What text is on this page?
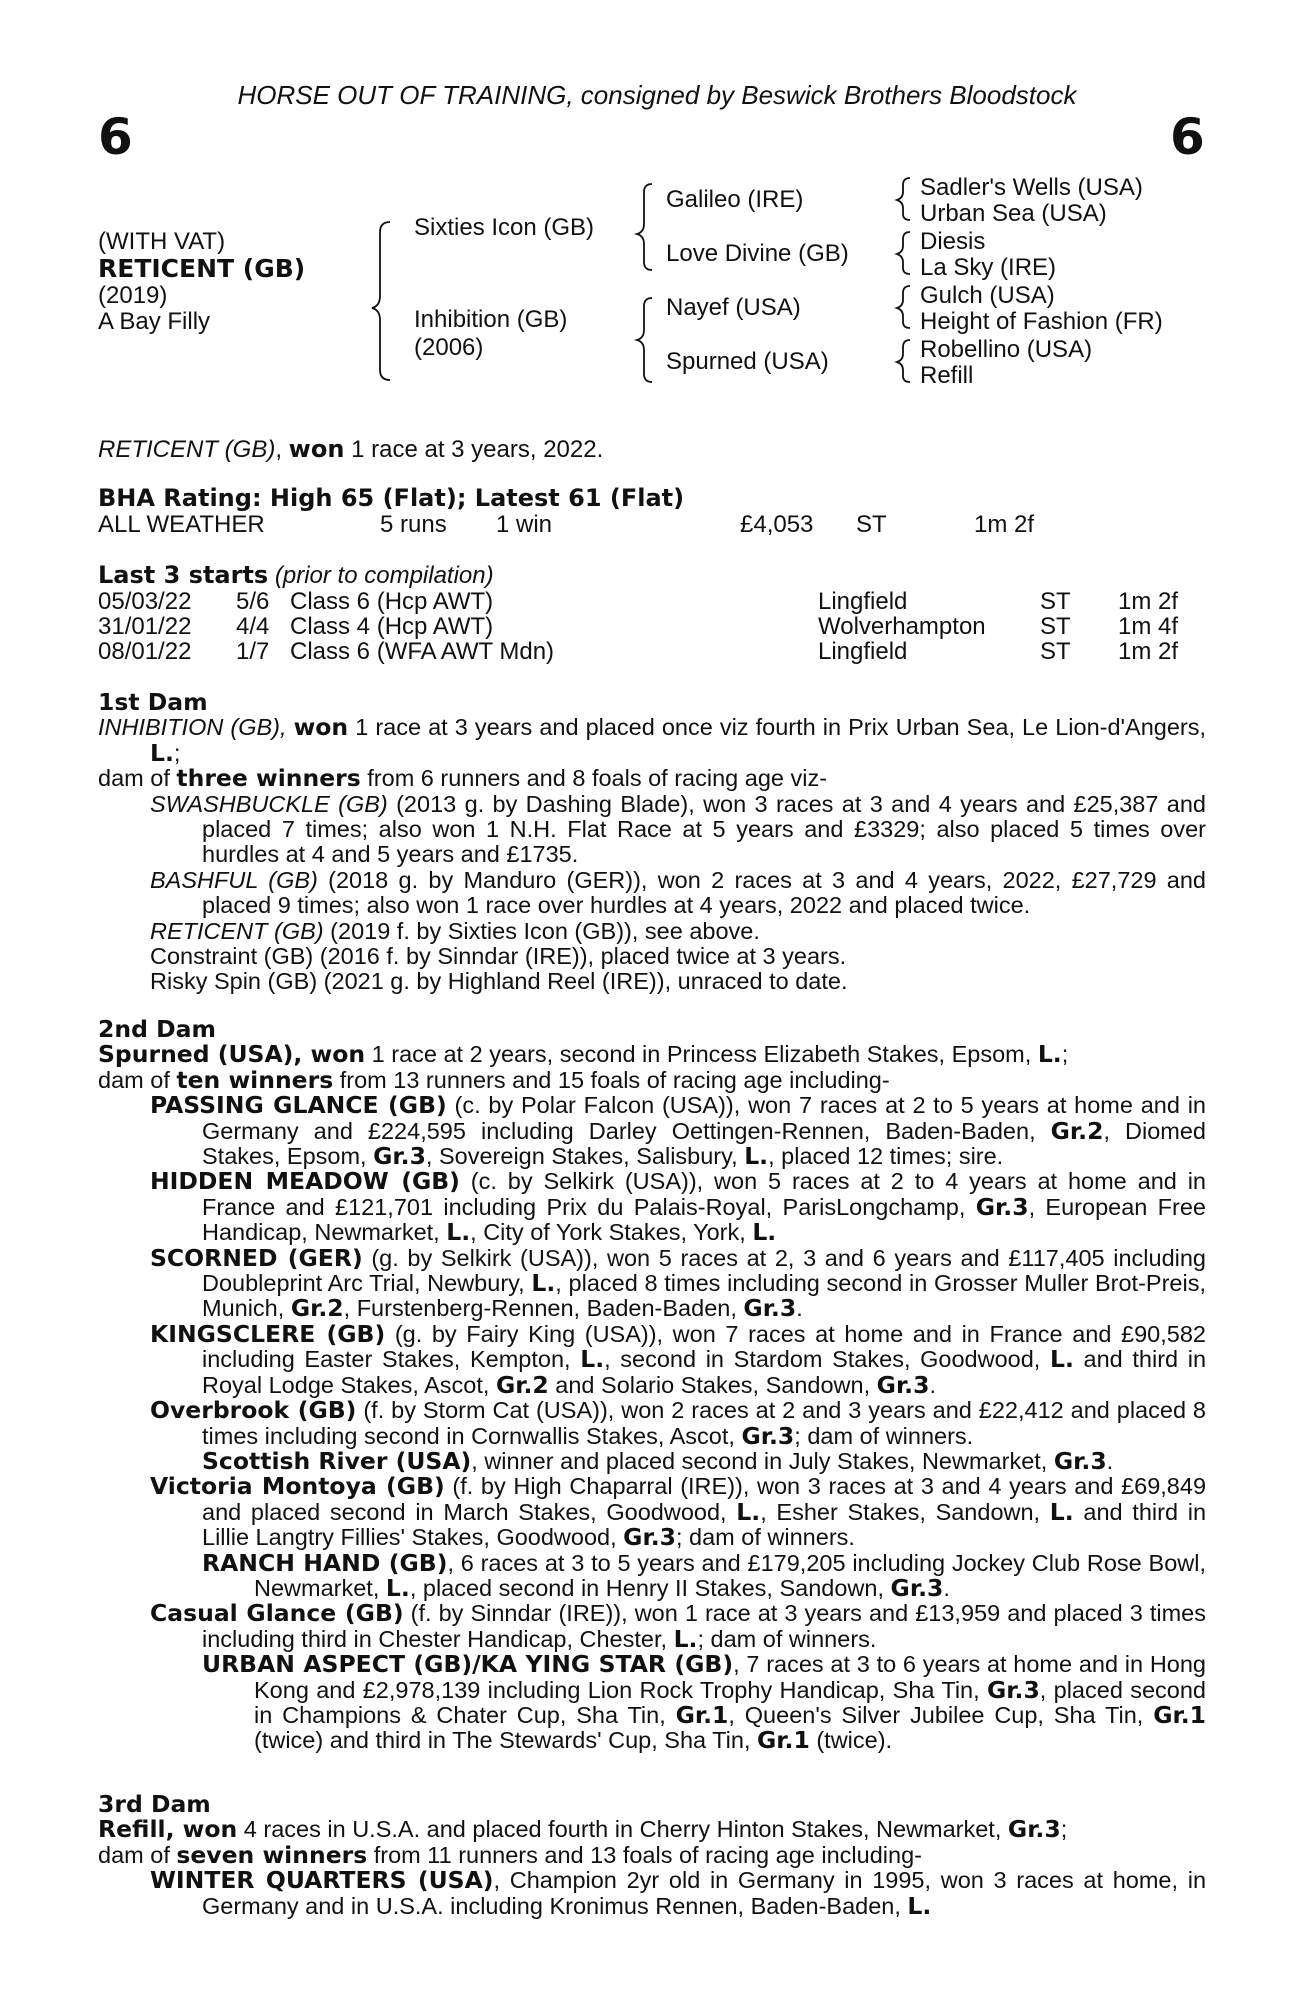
HORSE OUT OF TRAINING, consigned by Beswick Brothers Bloodstock
6	6
(WITH VAT)
RETICENT (GB)
(2019)
A Bay Filly
Sixties Icon (GB)
Inhibition (GB)
(2006)
Galileo (IRE)
Love Divine (GB)
Nayef (USA)
Spurned (USA)
Sadler's Wells (USA)
Urban Sea (USA)
Diesis
La Sky (IRE)
Gulch (USA)
Height of Fashion (FR)
Robellino (USA)
Refill
RETICENT (GB), won 1 race at 3 years, 2022.
BHA Rating: High 65 (Flat); Latest 61 (Flat)
ALL WEATHER	5 runs 1 win	£4,053 ST	1m 2f
Last 3 starts (prior to compilation)
05/03/22 5/6 Class 6 (Hcp AWT)	Lingfield	ST 1m 2f
31/01/22 4/4 Class 4 (Hcp AWT)	Wolverhampton ST 1m 4f
08/01/22 1/7 Class 6 (WFA AWT Mdn)	Lingfield	ST 1m 2f

1st Dam

INHIBITION (GB), won 1 race at 3 years and placed once viz fourth in Prix Urban Sea, Le Lion-d'Angers, L.;

dam of three winners from 6 runners and 8 foals of racing age viz-

SWASHBUCKLE (GB) (2013 g. by Dashing Blade), won 3 races at 3 and 4 years and £25,387 and placed 7 times; also won 1 N.H. Flat Race at 5 years and £3329; also placed 5 times over hurdles at 4 and 5 years and £1735.

BASHFUL (GB) (2018 g. by Manduro (GER)), won 2 races at 3 and 4 years, 2022, £27,729 and placed 9 times; also won 1 race over hurdles at 4 years, 2022 and placed twice.

RETICENT (GB) (2019 f. by Sixties Icon (GB)), see above.

Constraint (GB) (2016 f. by Sinndar (IRE)), placed twice at 3 years.

Risky Spin (GB) (2021 g. by Highland Reel (IRE)), unraced to date.

2nd Dam

Spurned (USA), won 1 race at 2 years, second in Princess Elizabeth Stakes, Epsom, L.;

dam of ten winners from 13 runners and 15 foals of racing age including-

PASSING GLANCE (GB) (c. by Polar Falcon (USA)), won 7 races at 2 to 5 years at home and in Germany and £224,595 including Darley Oettingen-Rennen, Baden-Baden, Gr.2, Diomed Stakes, Epsom, Gr.3, Sovereign Stakes, Salisbury, L., placed 12 times; sire.

HIDDEN MEADOW (GB) (c. by Selkirk (USA)), won 5 races at 2 to 4 years at home and in France and £121,701 including Prix du Palais-Royal, ParisLongchamp, Gr.3, European Free Handicap, Newmarket, L., City of York Stakes, York, L.

SCORNED (GER) (g. by Selkirk (USA)), won 5 races at 2, 3 and 6 years and £117,405 including Doubleprint Arc Trial, Newbury, L., placed 8 times including second in Grosser Muller Brot-Preis, Munich, Gr.2, Furstenberg-Rennen, Baden-Baden, Gr.3.

KINGSCLERE (GB) (g. by Fairy King (USA)), won 7 races at home and in France and £90,582 including Easter Stakes, Kempton, L., second in Stardom Stakes, Goodwood, L. and third in Royal Lodge Stakes, Ascot, Gr.2 and Solario Stakes, Sandown, Gr.3.

Overbrook (GB) (f. by Storm Cat (USA)), won 2 races at 2 and 3 years and £22,412 and placed 8 times including second in Cornwallis Stakes, Ascot, Gr.3; dam of winners.

Scottish River (USA), winner and placed second in July Stakes, Newmarket, Gr.3.

Victoria Montoya (GB) (f. by High Chaparral (IRE)), won 3 races at 3 and 4 years and £69,849 and placed second in March Stakes, Goodwood, L., Esher Stakes, Sandown, L. and third in Lillie Langtry Fillies' Stakes, Goodwood, Gr.3; dam of winners.

RANCH HAND (GB), 6 races at 3 to 5 years and £179,205 including Jockey Club Rose Bowl, Newmarket, L., placed second in Henry II Stakes, Sandown, Gr.3.

Casual Glance (GB) (f. by Sinndar (IRE)), won 1 race at 3 years and £13,959 and placed 3 times including third in Chester Handicap, Chester, L.; dam of winners.

URBAN ASPECT (GB)/KA YING STAR (GB), 7 races at 3 to 6 years at home and in Hong Kong and £2,978,139 including Lion Rock Trophy Handicap, Sha Tin, Gr.3, placed second in Champions & Chater Cup, Sha Tin, Gr.1, Queen's Silver Jubilee Cup, Sha Tin, Gr.1 (twice) and third in The Stewards' Cup, Sha Tin, Gr.1 (twice).

3rd Dam

Refill, won 4 races in U.S.A. and placed fourth in Cherry Hinton Stakes, Newmarket, Gr.3;

dam of seven winners from 11 runners and 13 foals of racing age including-

WINTER QUARTERS (USA), Champion 2yr old in Germany in 1995, won 3 races at home, in Germany and in U.S.A. including Kronimus Rennen, Baden-Baden, L.
